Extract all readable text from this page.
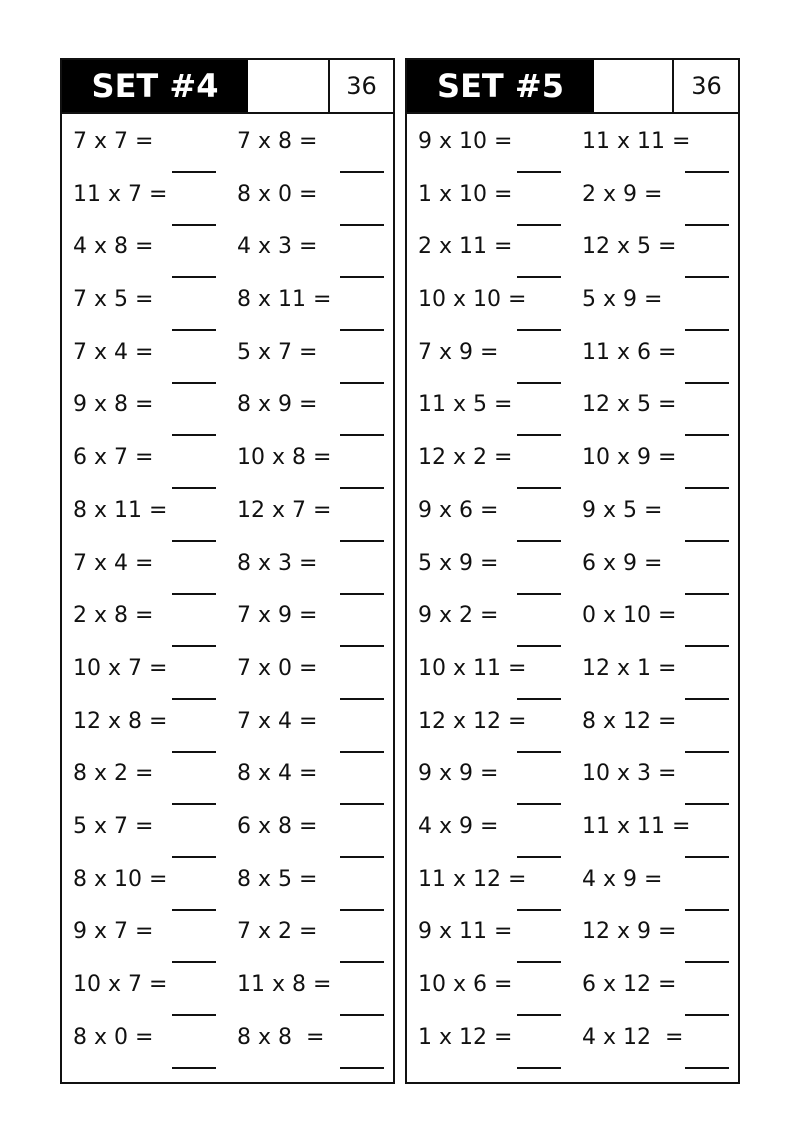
SET #4	36
7 x 7 =	7 x 8 =
11 x 7 =	8 x 0 =
4 x 8 =	4 x 3 =
7 x 5 =	8 x 11 =
7 x 4 =	5 x 7 =
9 x 8 =	8 x 9 =
6 x 7 =	10 x 8 =
8 x 11 =	12 x 7 =
7 x 4 =	8 x 3 =
2 x 8 =	7 x 9 =
10 x 7 =	7 x 0 =
12 x 8 =	7 x 4 =
8 x 2 =	8 x 4 =
5 x 7 =	6 x 8 =
8 x 10 =	8 x 5 =
9 x 7 =	7 x 2 =
10 x 7 =	11 x 8 =
8 x 0 =	8 x 8  =
SET #5	36
9 x 10 =	11 x 11 =
1 x 10 =	2 x 9 =
2 x 11 =	12 x 5 =
10 x 10 =	5 x 9 =
7 x 9 =	11 x 6 =
11 x 5 =	12 x 5 =
12 x 2 =	10 x 9 =
9 x 6 =	9 x 5 =
5 x 9 =	6 x 9 =
9 x 2 =	0 x 10 =
10 x 11 =	12 x 1 =
12 x 12 =	8 x 12 =
9 x 9 =	10 x 3 =
4 x 9 =	11 x 11 =
11 x 12 =	4 x 9 =
9 x 11 =	12 x 9 =
10 x 6 =	6 x 12 =
1 x 12 =	4 x 12  =
